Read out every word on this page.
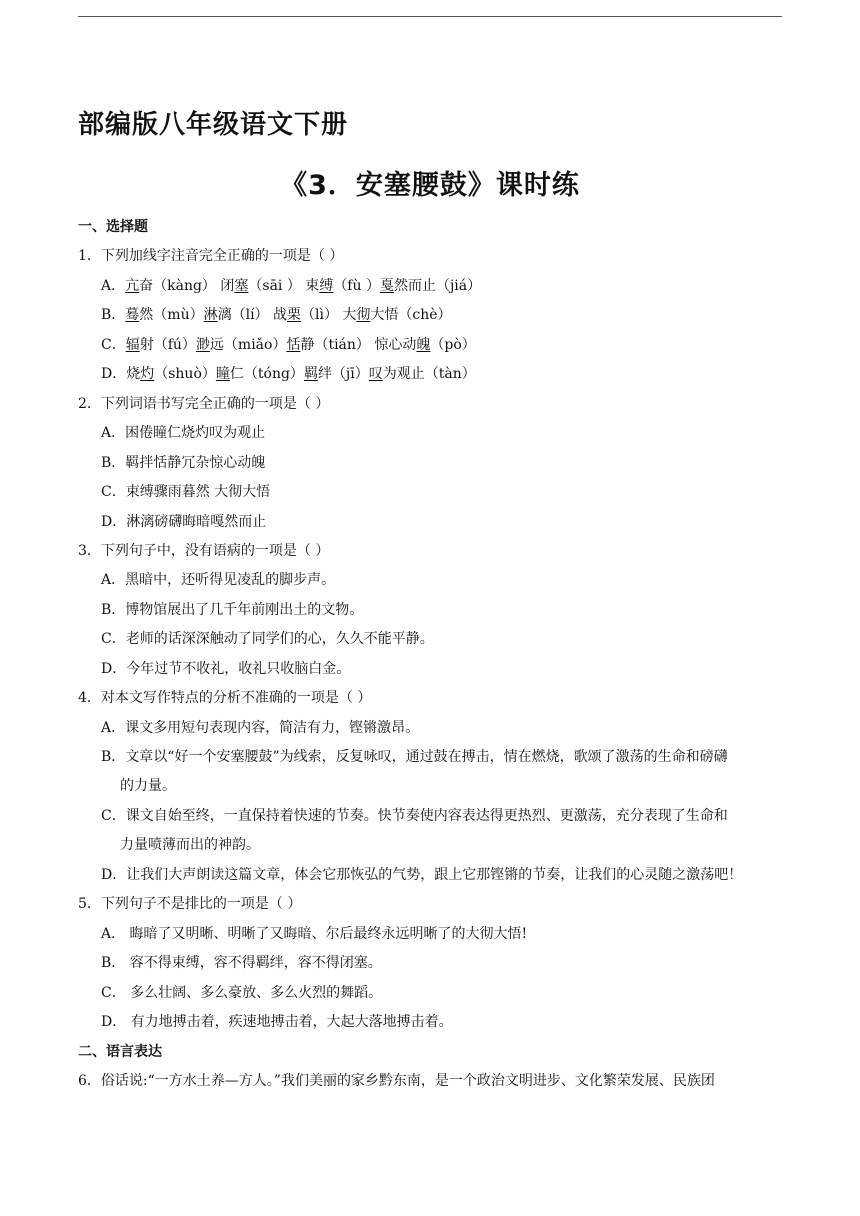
部编版八年级语文下册
《3．安塞腰鼓》课时练
一、选择题
1．下列加线字注音完全正确的一项是（ ）
A．亢奋（kàng） 闭塞（sāi ） 束缚（fù ）戛然而止（jiá）
B．蓦然（mù）淋漓（lí） 战栗（lì） 大彻大悟（chè）
C．辐射（fú）渺远（miǎo）恬静（tián） 惊心动魄（pò）
D．烧灼（shuò）瞳仁（tóng）羁绊（jī）叹为观止（tàn）
2．下列词语书写完全正确的一项是（ ）
A．困倦瞳仁烧灼叹为观止
B．羁拌恬静冗杂惊心动魄
C．束缚骤雨暮然 大彻大悟
D．淋漓磅礴晦暗嘎然而止
3．下列句子中，没有语病的一项是（ ）
A．黑暗中，还听得见凌乱的脚步声。
B．博物馆展出了几千年前刚出土的文物。
C．老师的话深深触动了同学们的心，久久不能平静。
D．今年过节不收礼，收礼只收脑白金。
4．对本文写作特点的分析不准确的一项是（ ）
A．课文多用短句表现内容，简洁有力，铿锵激昂。
B．文章以“好一个安塞腰鼓”为线索，反复咏叹，通过鼓在搏击，情在燃烧，歌颂了激荡的生命和磅礴
的力量。
C．课文自始至终，一直保持着快速的节奏。快节奏使内容表达得更热烈、更激荡，充分表现了生命和
力量喷薄而出的神韵。
D．让我们大声朗读这篇文章，体会它那恢弘的气势，跟上它那铿锵的节奏，让我们的心灵随之激荡吧！
5．下列句子不是排比的一项是（ ）
A． 晦暗了又明晰、明晰了又晦暗、尔后最终永远明晰了的大彻大悟!
B． 容不得束缚，容不得羁绊，容不得闭塞。
C． 多么壮阔、多么豪放、多么火烈的舞蹈。
D． 有力地搏击着，疾速地搏击着，大起大落地搏击着。
二、语言表达
6．俗话说:“一方水土养—方人。”我们美丽的家乡黔东南，是一个政治文明进步、文化繁荣发展、民族团
